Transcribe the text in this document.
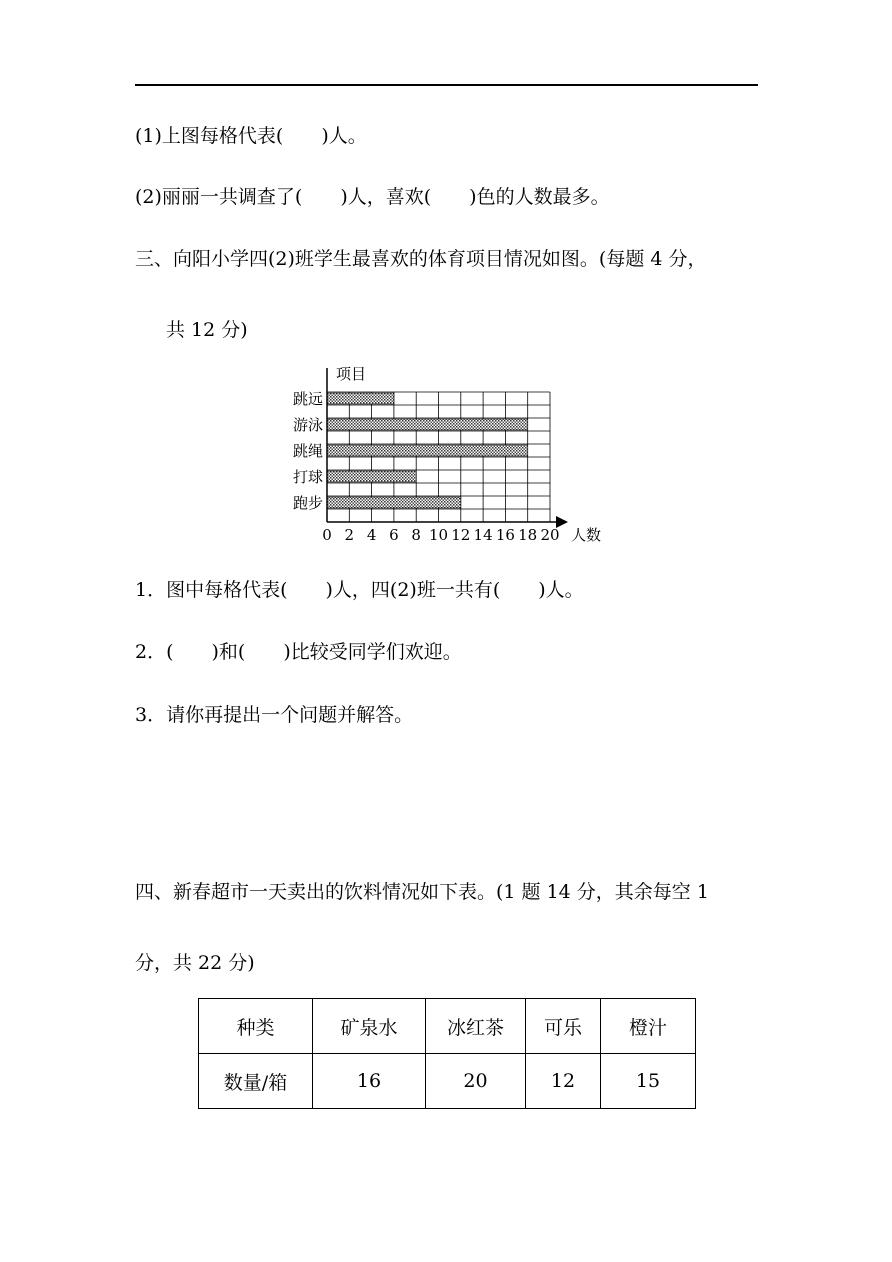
(1)上图每格代表(　　)人。
(2)丽丽一共调查了(　　)人，喜欢(　　)色的人数最多。
三、向阳小学四(2)班学生最喜欢的体育项目情况如图。(每题 4 分，
共 12 分)
0 2 4 6 8 10 12 14 16 18 20
跳远
游泳
跳绳
打球
跑步
项目
人数
1．图中每格代表(　　)人，四(2)班一共有(　　)人。
2．(　　)和(　　)比较受同学们欢迎。
3．请你再提出一个问题并解答。
四、新春超市一天卖出的饮料情况如下表。(1 题 14 分，其余每空 1
分，共 22 分)
种类	矿泉水	冰红茶	可乐	橙汁
数量/箱	16	20	12	15
